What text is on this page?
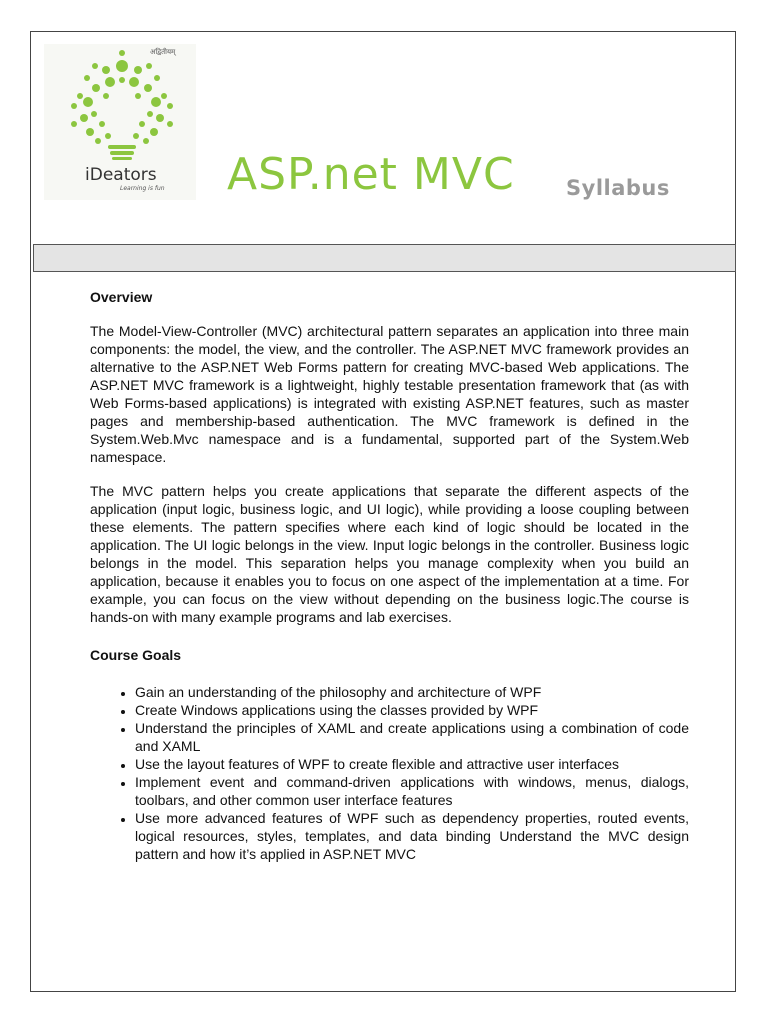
अद्वितीयम्
iDeators
Learning is fun ASP.net MVC Syllabus
Overview

The Model-View-Controller (MVC) architectural pattern separates an application into three main components: the model, the view, and the controller. The ASP.NET MVC framework provides an alternative to the ASP.NET Web Forms pattern for creating MVC-based Web applications. The ASP.NET MVC framework is a lightweight, highly testable presentation framework that (as with Web Forms-based applications) is integrated with existing ASP.NET features, such as master pages and membership-based authentication. The MVC framework is defined in the System.Web.Mvc namespace and is a fundamental, supported part of the System.Web namespace.

The MVC pattern helps you create applications that separate the different aspects of the application (input logic, business logic, and UI logic), while providing a loose coupling between these elements. The pattern specifies where each kind of logic should be located in the application. The UI logic belongs in the view. Input logic belongs in the controller. Business logic belongs in the model. This separation helps you manage complexity when you build an application, because it enables you to focus on one aspect of the implementation at a time. For example, you can focus on the view without depending on the business logic.The course is hands-on with many example programs and lab exercises.

Course Goals
• Gain an understanding of the philosophy and architecture of WPF
• Create Windows applications using the classes provided by WPF
• Understand the principles of XAML and create applications using a combination of code and XAML
• Use the layout features of WPF to create flexible and attractive user interfaces
• Implement event and command-driven applications with windows, menus, dialogs, toolbars, and other common user interface features
• Use more advanced features of WPF such as dependency properties, routed events, logical resources, styles, templates, and data binding Understand the MVC design pattern and how it’s applied in ASP.NET MVC
